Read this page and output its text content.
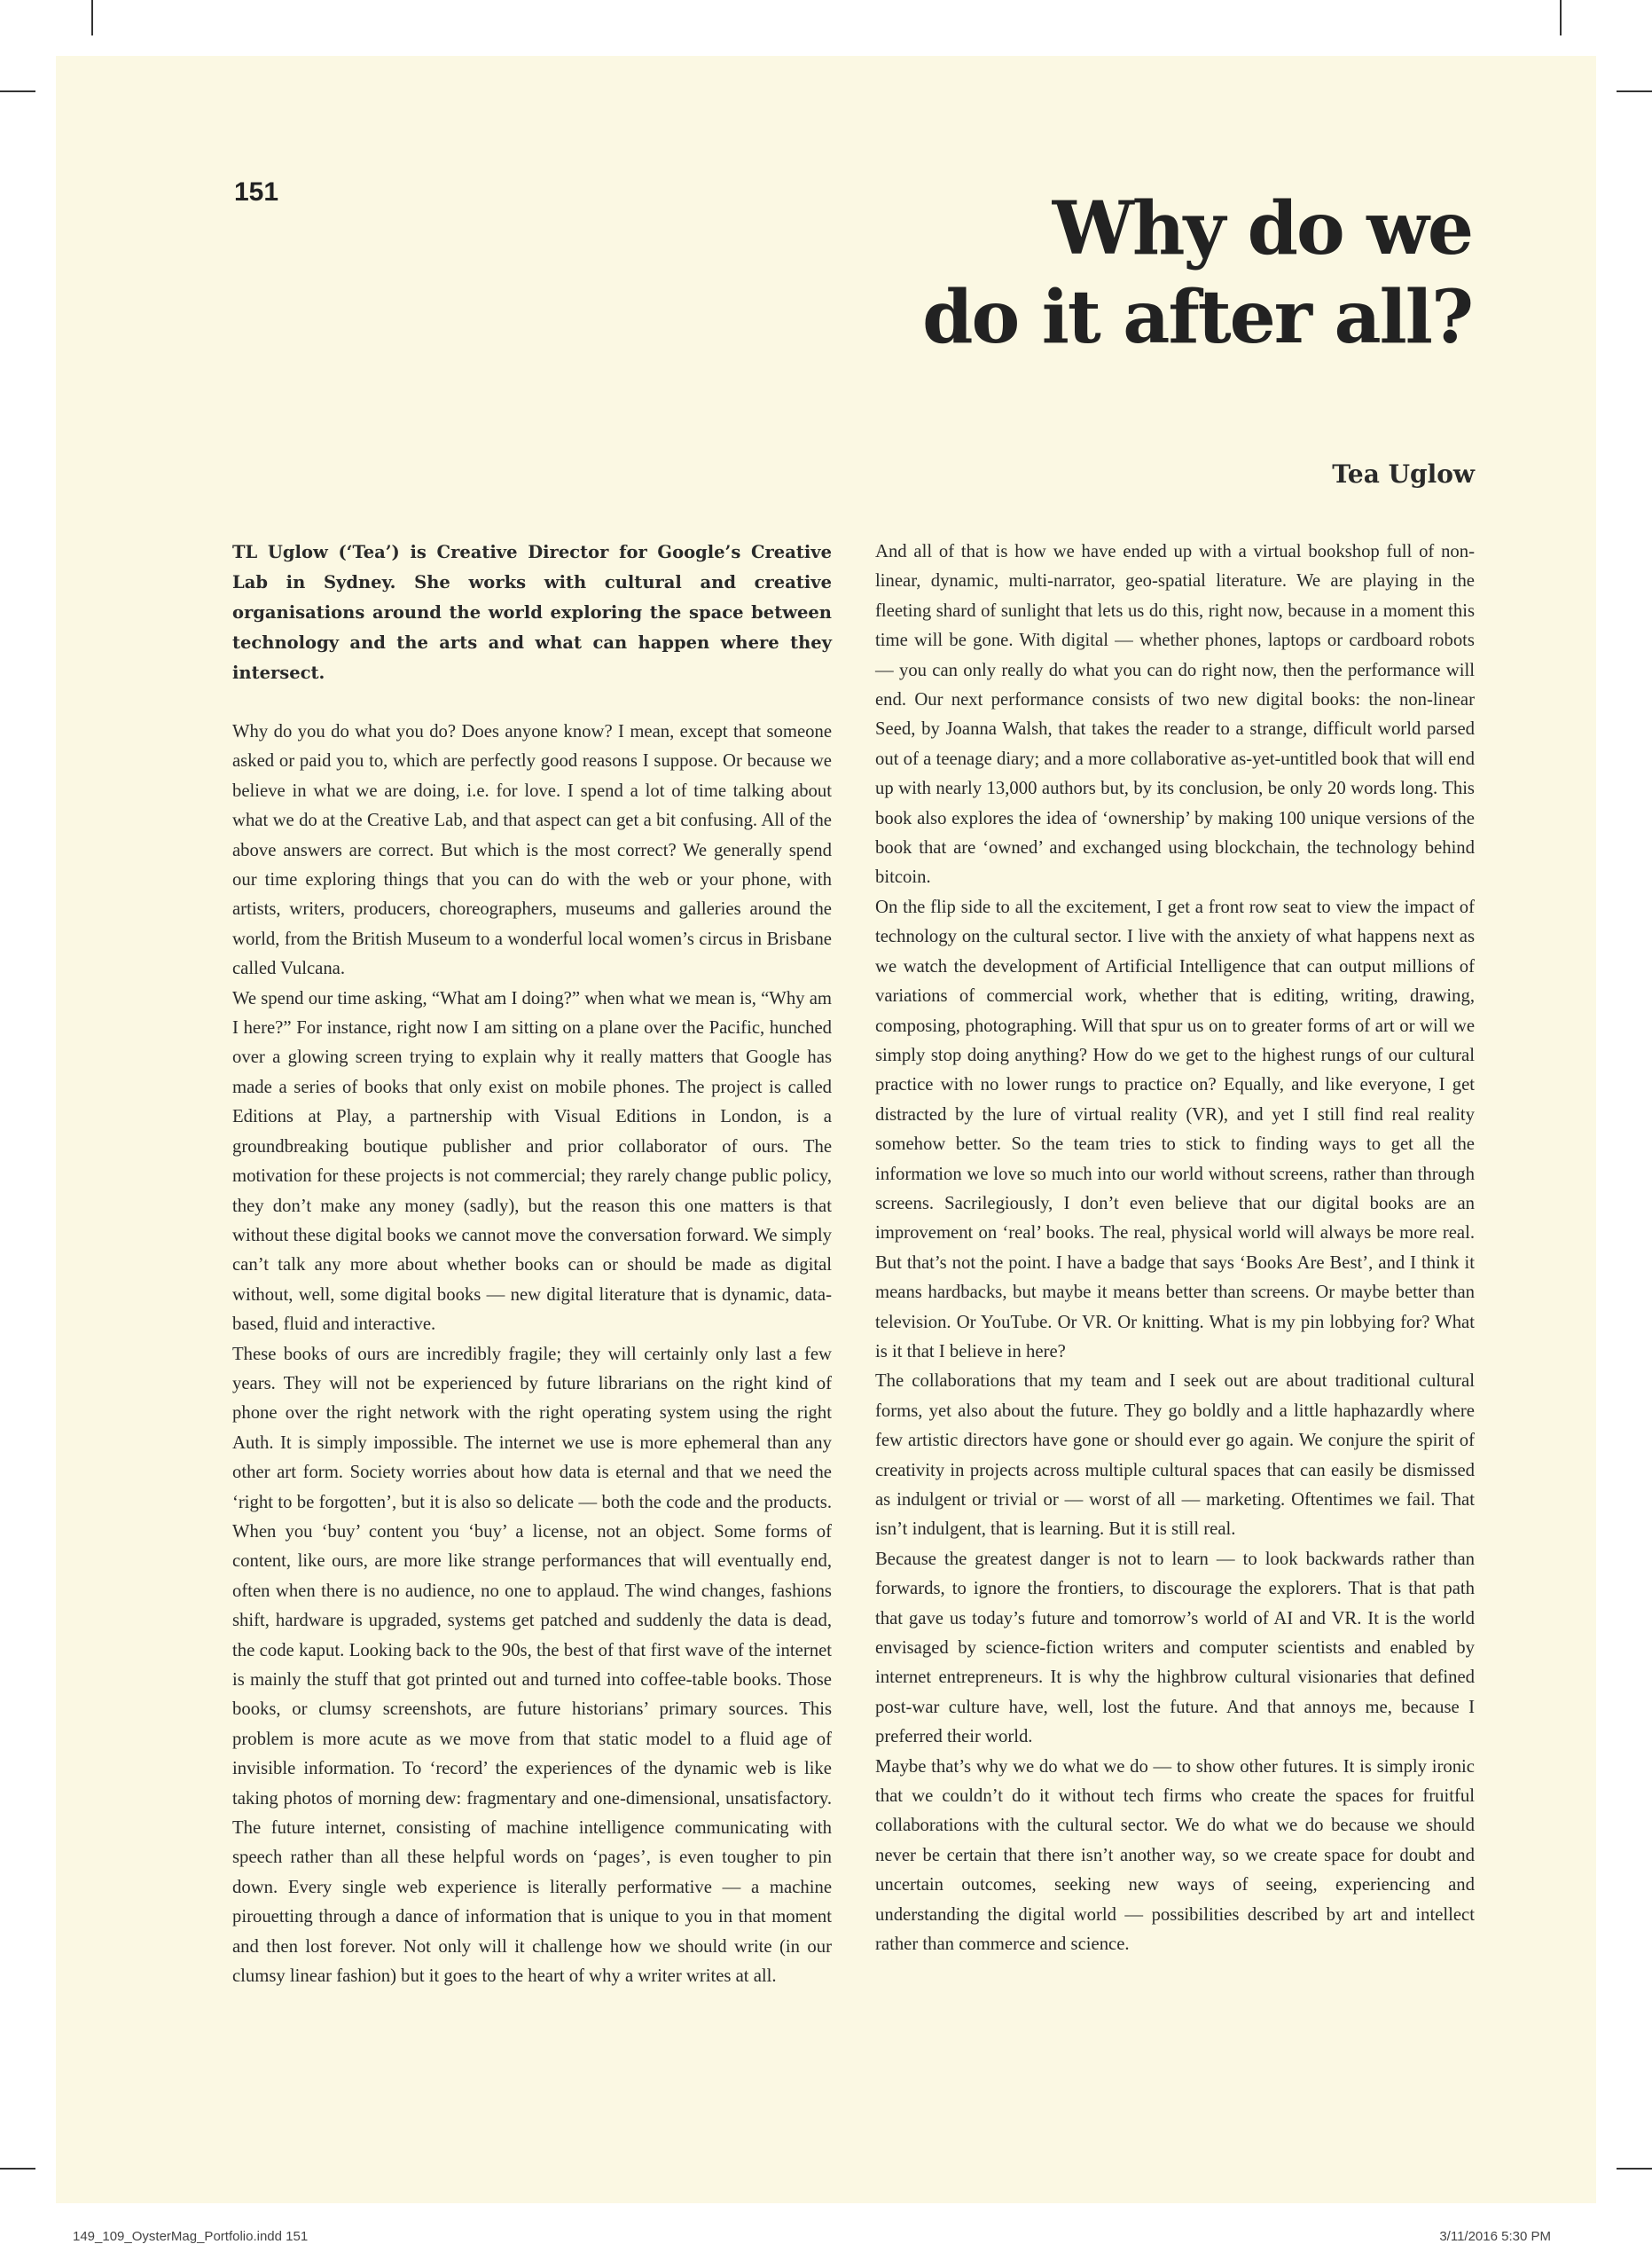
151	Why do we
do it after all?

Tea Uglow

TL Uglow (‘Tea’) is Creative Director for Google’s Creative Lab in Sydney. She works with cultural and creative organisations around the world exploring the space between technology and the arts and what can happen where they intersect.

Why do you do what you do? Does anyone know? I mean, except that someone asked or paid you to, which are perfectly good reasons I suppose. Or because we believe in what we are doing, i.e. for love. I spend a lot of time talking about what we do at the Creative Lab, and that aspect can get a bit confusing. All of the above answers are correct. But which is the most correct? We generally spend our time exploring things that you can do with the web or your phone, with artists, writers, producers, choreographers, museums and galleries around the world, from the British Museum to a wonderful local women’s circus in Brisbane called Vulcana.

We spend our time asking, “What am I doing?” when what we mean is, “Why am I here?” For instance, right now I am sitting on a plane over the Pacific, hunched over a glowing screen trying to explain why it really matters that Google has made a series of books that only exist on mobile phones. The project is called Editions at Play, a partnership with Visual Editions in London, is a groundbreaking boutique publisher and prior collaborator of ours. The motivation for these projects is not commercial; they rarely change public policy, they don’t make any money (sadly), but the reason this one matters is that without these digital books we cannot move the conversation forward. We simply can’t talk any more about whether books can or should be made as digital without, well, some digital books — new digital literature that is dynamic, data-based, fluid and interactive.

These books of ours are incredibly fragile; they will certainly only last a few years. They will not be experienced by future librarians on the right kind of phone over the right network with the right operating system using the right Auth. It is simply impossible. The internet we use is more ephemeral than any other art form. Society worries about how data is eternal and that we need the ‘right to be forgotten’, but it is also so delicate — both the code and the products. When you ‘buy’ content you ‘buy’ a license, not an object. Some forms of content, like ours, are more like strange performances that will eventually end, often when there is no audience, no one to applaud. The wind changes, fashions shift, hardware is upgraded, systems get patched and suddenly the data is dead, the code kaput. Looking back to the 90s, the best of that first wave of the internet is mainly the stuff that got printed out and turned into coffee-table books. Those books, or clumsy screenshots, are future historians’ primary sources. This problem is more acute as we move from that static model to a fluid age of invisible information. To ‘record’ the experiences of the dynamic web is like taking photos of morning dew: fragmentary and one-dimensional, unsatisfactory. The future internet, consisting of machine intelligence communicating with speech rather than all these helpful words on ‘pages’, is even tougher to pin down. Every single web experience is literally performative — a machine pirouetting through a dance of information that is unique to you in that moment and then lost forever. Not only will it challenge how we should write (in our clumsy linear fashion) but it goes to the heart of why a writer writes at all.

And all of that is how we have ended up with a virtual bookshop full of non-linear, dynamic, multi-narrator, geo-spatial literature. We are playing in the fleeting shard of sunlight that lets us do this, right now, because in a moment this time will be gone. With digital — whether phones, laptops or cardboard robots — you can only really do what you can do right now, then the performance will end. Our next performance consists of two new digital books: the non-linear Seed, by Joanna Walsh, that takes the reader to a strange, difficult world parsed out of a teenage diary; and a more collaborative as-yet-untitled book that will end up with nearly 13,000 authors but, by its conclusion, be only 20 words long. This book also explores the idea of ‘ownership’ by making 100 unique versions of the book that are ‘owned’ and exchanged using blockchain, the technology behind bitcoin.

On the flip side to all the excitement, I get a front row seat to view the impact of technology on the cultural sector. I live with the anxiety of what happens next as we watch the development of Artificial Intelligence that can output millions of variations of commercial work, whether that is editing, writing, drawing, composing, photographing. Will that spur us on to greater forms of art or will we simply stop doing anything? How do we get to the highest rungs of our cultural practice with no lower rungs to practice on? Equally, and like everyone, I get distracted by the lure of virtual reality (VR), and yet I still find real reality somehow better. So the team tries to stick to finding ways to get all the information we love so much into our world without screens, rather than through screens. Sacrilegiously, I don’t even believe that our digital books are an improvement on ‘real’ books. The real, physical world will always be more real. But that’s not the point. I have a badge that says ‘Books Are Best’, and I think it means hardbacks, but maybe it means better than screens. Or maybe better than television. Or YouTube. Or VR. Or knitting. What is my pin lobbying for? What is it that I believe in here?

The collaborations that my team and I seek out are about traditional cultural forms, yet also about the future. They go boldly and a little haphazardly where few artistic directors have gone or should ever go again. We conjure the spirit of creativity in projects across multiple cultural spaces that can easily be dismissed as indulgent or trivial or — worst of all — marketing. Oftentimes we fail. That isn’t indulgent, that is learning. But it is still real.

Because the greatest danger is not to learn — to look backwards rather than forwards, to ignore the frontiers, to discourage the explorers. That is that path that gave us today’s future and tomorrow’s world of AI and VR. It is the world envisaged by science-fiction writers and computer scientists and enabled by internet entrepreneurs. It is why the highbrow cultural visionaries that defined post-war culture have, well, lost the future. And that annoys me, because I preferred their world.

Maybe that’s why we do what we do — to show other futures. It is simply ironic that we couldn’t do it without tech firms who create the spaces for fruitful collaborations with the cultural sector. We do what we do because we should never be certain that there isn’t another way, so we create space for doubt and uncertain outcomes, seeking new ways of seeing, experiencing and understanding the digital world — possibilities described by art and intellect rather than commerce and science.

149_109_OysterMag_Portfolio.indd 151	3/11/2016 5:30 PM
